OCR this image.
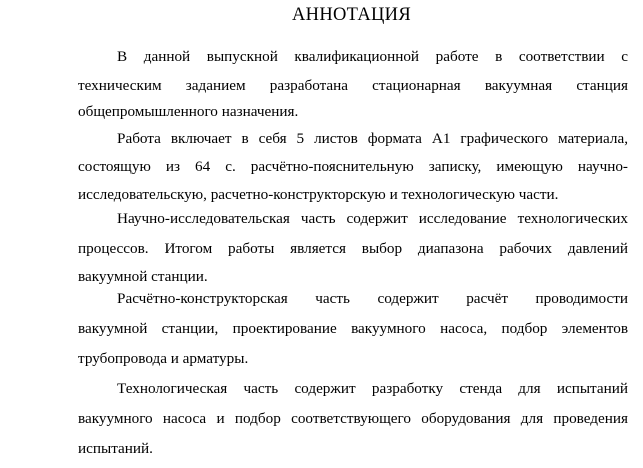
АННОТАЦИЯ
В данной выпускной квалификационной работе в соответствии с
техническим заданием разработана стационарная вакуумная станция
общепромышленного назначения.
Работа включает в себя 5 листов формата А1 графического материала,
состоящую из 64 с. расчётно-пояснительную записку, имеющую научно-
исследовательскую, расчетно-конструкторскую и технологическую части.
Научно-исследовательская часть содержит исследование технологических
процессов. Итогом работы является выбор диапазона рабочих давлений
вакуумной станции.
Расчётно-конструкторская часть содержит расчёт проводимости
вакуумной станции, проектирование вакуумного насоса, подбор элементов
трубопровода и арматуры.
Технологическая часть содержит разработку стенда для испытаний
вакуумного насоса и подбор соответствующего оборудования для проведения
испытаний.
